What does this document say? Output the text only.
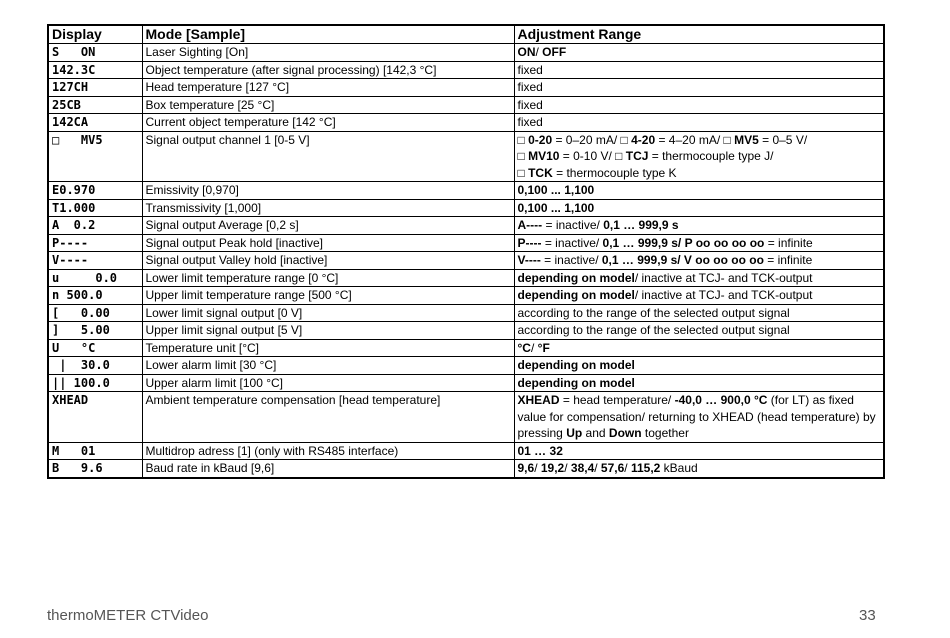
Display	Mode [Sample]	Adjustment Range
S   ON	Laser Sighting [On]	ON/ OFF
142.3C	Object temperature (after signal processing) [142,3 °C]	fixed
127CH	Head temperature [127 °C]	fixed
25CB	Box temperature [25 °C]	fixed
142CA	Current object temperature [142 °C]	fixed
□   MV5	Signal output channel 1 [0-5 V]	□ 0-20 = 0–20 mA/ □ 4-20 = 4–20 mA/ □ MV5 = 0–5 V/
□ MV10 = 0-10 V/ □ TCJ = thermocouple type J/
□ TCK = thermocouple type K
E0.970	Emissivity [0,970]	0,100 ... 1,100
T1.000	Transmissivity [1,000]	0,100 ... 1,100
A  0.2	Signal output Average [0,2 s]	A---- = inactive/ 0,1 … 999,9 s
P----	Signal output Peak hold [inactive]	P---- = inactive/ 0,1 … 999,9 s/ P oo oo oo oo = infinite
V----	Signal output Valley hold [inactive]	V---- = inactive/ 0,1 … 999,9 s/ V oo oo oo oo = infinite
u     0.0	Lower limit temperature range [0 °C]	depending on model/ inactive at TCJ- and TCK-output
n 500.0	Upper limit temperature range [500 °C]	depending on model/ inactive at TCJ- and TCK-output
[   0.00	Lower limit signal output [0 V]	according to the range of the selected output signal
]   5.00	Upper limit signal output [5 V]	according to the range of the selected output signal
U   °C	Temperature unit [°C]	°C/ °F
|  30.0	Lower alarm limit [30 °C]	depending on model
|| 100.0	Upper alarm limit [100 °C]	depending on model
XHEAD	Ambient temperature compensation [head temperature]	XHEAD = head temperature/ -40,0 … 900,0 °C (for LT) as fixed value for compensation/ returning to XHEAD (head temperature) by pressing Up and Down together
M   01	Multidrop adress [1] (only with RS485 interface)	01 … 32
B   9.6	Baud rate in kBaud [9,6]	9,6/ 19,2/ 38,4/ 57,6/ 115,2 kBaud
thermoMETER CTVideo	33
